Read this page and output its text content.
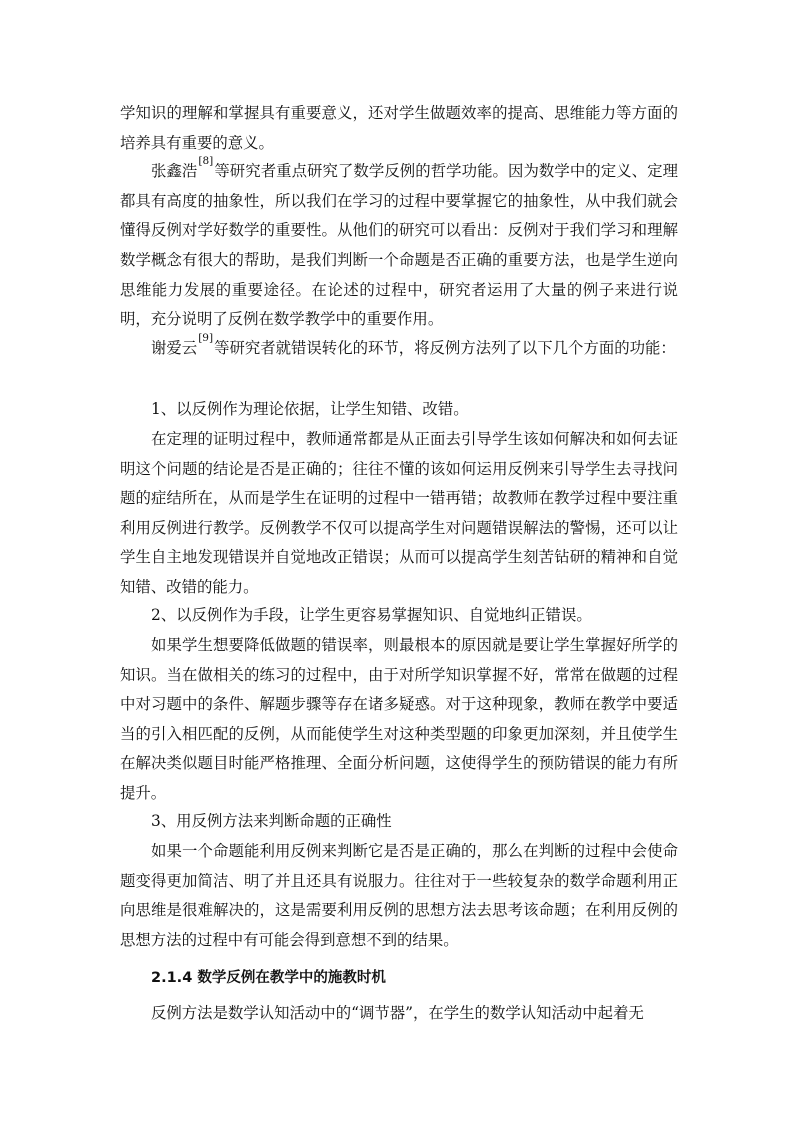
学知识的理解和掌握具有重要意义，还对学生做题效率的提高、思维能力等方面的培养具有重要的意义。

张鑫浩[8]等研究者重点研究了数学反例的哲学功能。因为数学中的定义、定理都具有高度的抽象性，所以我们在学习的过程中要掌握它的抽象性，从中我们就会懂得反例对学好数学的重要性。从他们的研究可以看出：反例对于我们学习和理解数学概念有很大的帮助，是我们判断一个命题是否正确的重要方法，也是学生逆向思维能力发展的重要途径。在论述的过程中，研究者运用了大量的例子来进行说明，充分说明了反例在数学教学中的重要作用。

谢爱云[9]等研究者就错误转化的环节，将反例方法列了以下几个方面的功能：

1、以反例作为理论依据，让学生知错、改错。

在定理的证明过程中，教师通常都是从正面去引导学生该如何解决和如何去证明这个问题的结论是否是正确的；往往不懂的该如何运用反例来引导学生去寻找问题的症结所在，从而是学生在证明的过程中一错再错；故教师在教学过程中要注重利用反例进行教学。反例教学不仅可以提高学生对问题错误解法的警惕，还可以让学生自主地发现错误并自觉地改正错误；从而可以提高学生刻苦钻研的精神和自觉知错、改错的能力。

2、以反例作为手段，让学生更容易掌握知识、自觉地纠正错误。

如果学生想要降低做题的错误率，则最根本的原因就是要让学生掌握好所学的知识。当在做相关的练习的过程中，由于对所学知识掌握不好，常常在做题的过程中对习题中的条件、解题步骤等存在诸多疑惑。对于这种现象，教师在教学中要适当的引入相匹配的反例，从而能使学生对这种类型题的印象更加深刻，并且使学生在解决类似题目时能严格推理、全面分析问题，这使得学生的预防错误的能力有所提升。

3、用反例方法来判断命题的正确性

如果一个命题能利用反例来判断它是否是正确的，那么在判断的过程中会使命题变得更加简洁、明了并且还具有说服力。往往对于一些较复杂的数学命题利用正向思维是很难解决的，这是需要利用反例的思想方法去思考该命题；在利用反例的思想方法的过程中有可能会得到意想不到的结果。

2.1.4 数学反例在教学中的施教时机

反例方法是数学认知活动中的“调节器”，在学生的数学认知活动中起着无
